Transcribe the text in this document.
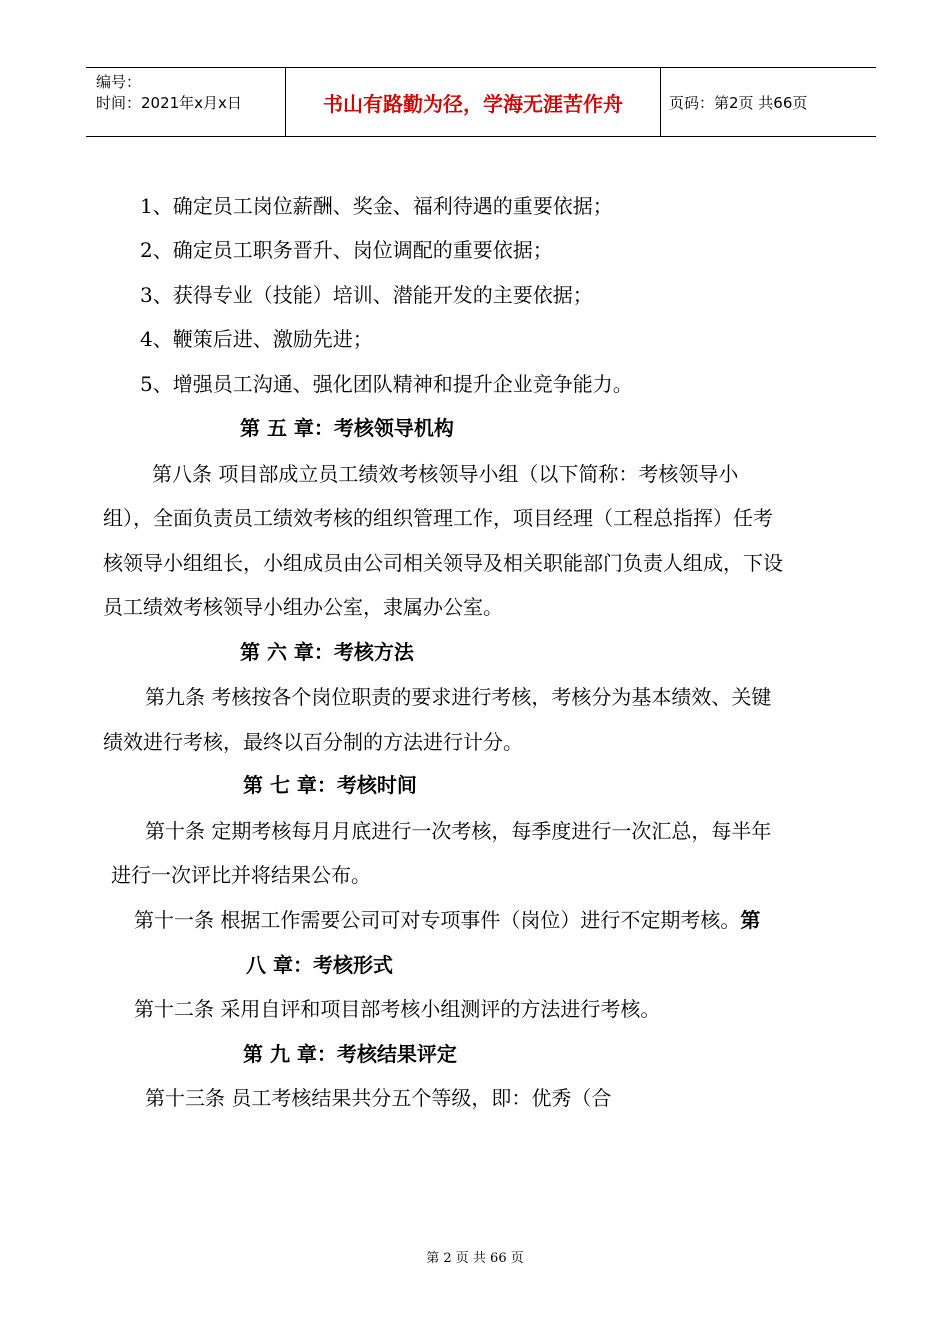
编号：
时间：2021年x月x日	书山有路勤为径，学海无涯苦作舟	页码：第2页 共66页
1、确定员工岗位薪酬、奖金、福利待遇的重要依据；
2、确定员工职务晋升、岗位调配的重要依据；
3、获得专业（技能）培训、潜能开发的主要依据；
4、鞭策后进、激励先进；
5、增强员工沟通、强化团队精神和提升企业竞争能力。
第 五 章：考核领导机构
第八条 项目部成立员工绩效考核领导小组（以下简称：考核领导小
组），全面负责员工绩效考核的组织管理工作，项目经理（工程总指挥）任考
核领导小组组长，小组成员由公司相关领导及相关职能部门负责人组成，下设
员工绩效考核领导小组办公室，隶属办公室。
第 六 章：考核方法
第九条 考核按各个岗位职责的要求进行考核，考核分为基本绩效、关键
绩效进行考核，最终以百分制的方法进行计分。
第 七 章：考核时间
第十条 定期考核每月月底进行一次考核，每季度进行一次汇总，每半年
进行一次评比并将结果公布。
第十一条 根据工作需要公司可对专项事件（岗位）进行不定期考核。第
八 章：考核形式
第十二条 采用自评和项目部考核小组测评的方法进行考核。
第 九 章：考核结果评定
第十三条 员工考核结果共分五个等级，即：优秀（合
第 2 页 共 66 页
